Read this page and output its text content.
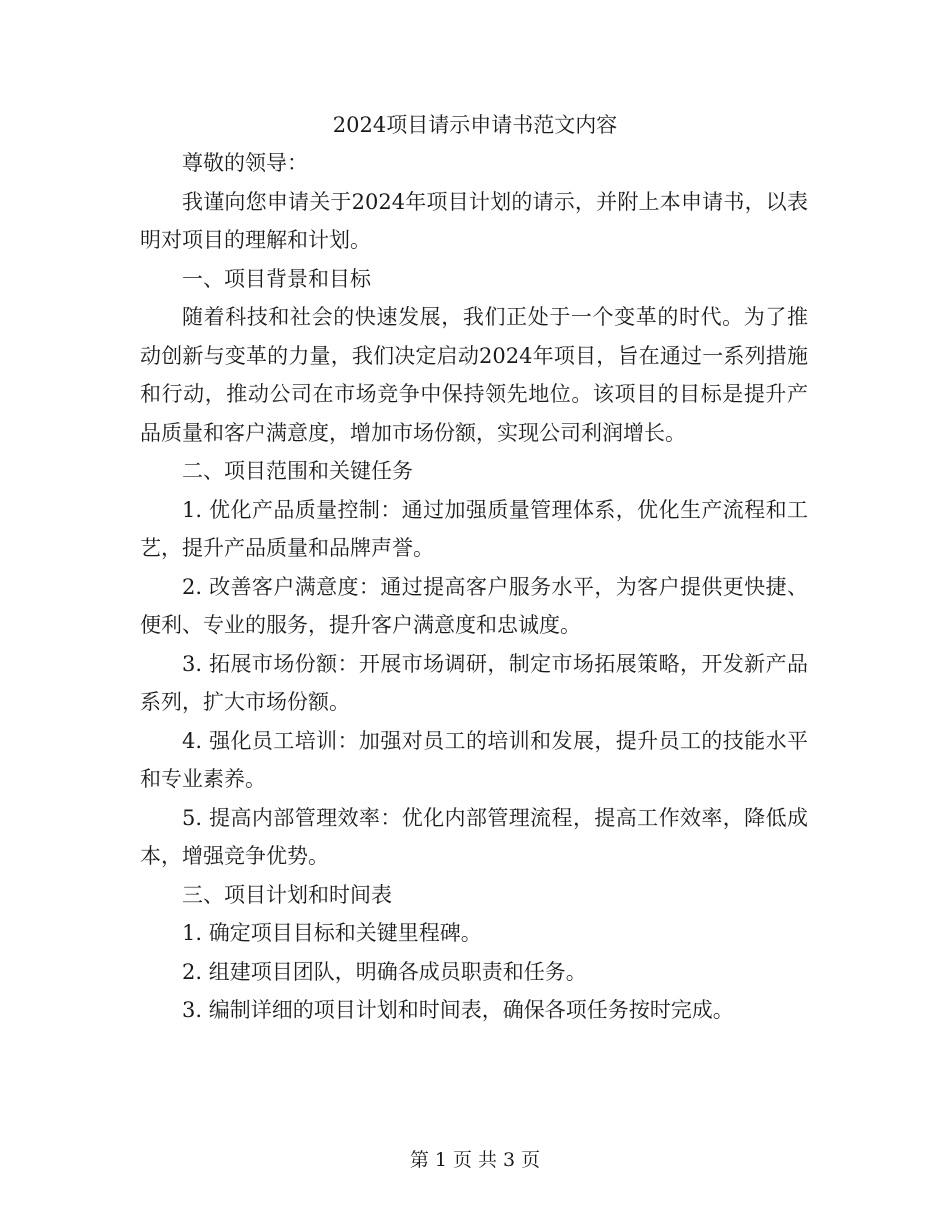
2024项目请示申请书范文内容

尊敬的领导：

我谨向您申请关于2024年项目计划的请示，并附上本申请书，以表明对项目的理解和计划。

一、项目背景和目标

随着科技和社会的快速发展，我们正处于一个变革的时代。为了推动创新与变革的力量，我们决定启动2024年项目，旨在通过一系列措施和行动，推动公司在市场竞争中保持领先地位。该项目的目标是提升产品质量和客户满意度，增加市场份额，实现公司利润增长。

二、项目范围和关键任务

1. 优化产品质量控制：通过加强质量管理体系，优化生产流程和工艺，提升产品质量和品牌声誉。

2. 改善客户满意度：通过提高客户服务水平，为客户提供更快捷、便利、专业的服务，提升客户满意度和忠诚度。

3. 拓展市场份额：开展市场调研，制定市场拓展策略，开发新产品系列，扩大市场份额。

4. 强化员工培训：加强对员工的培训和发展，提升员工的技能水平和专业素养。

5. 提高内部管理效率：优化内部管理流程，提高工作效率，降低成本，增强竞争优势。

三、项目计划和时间表

1. 确定项目目标和关键里程碑。

2. 组建项目团队，明确各成员职责和任务。

3. 编制详细的项目计划和时间表，确保各项任务按时完成。

第 1 页 共 3 页
